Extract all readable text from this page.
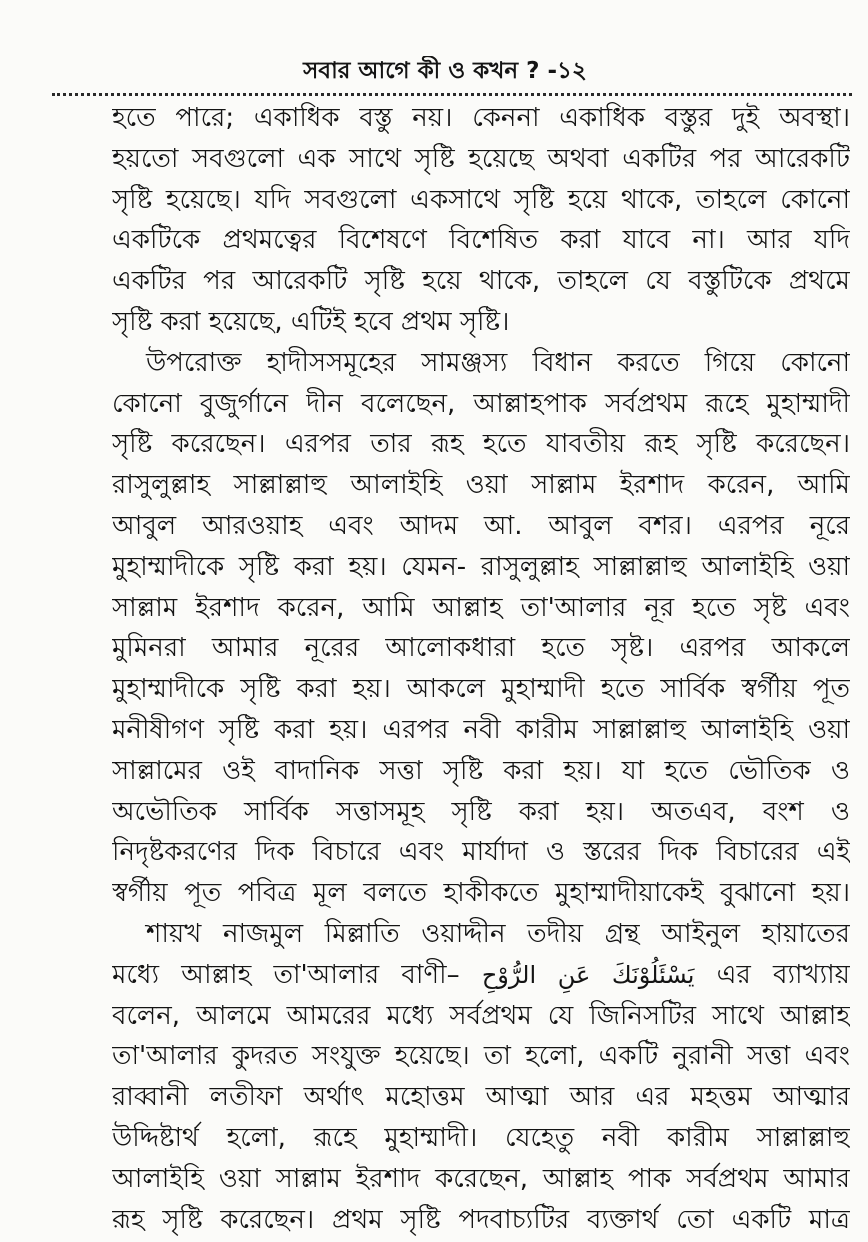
সবার আগে কী ও কখন ? -১২
হতে পারে; একাধিক বস্তু নয়। কেননা একাধিক বস্তুর দুই অবস্থা।
হয়তো সবগুলো এক সাথে সৃষ্টি হয়েছে অথবা একটির পর আরেকটি
সৃষ্টি হয়েছে। যদি সবগুলো একসাথে সৃষ্টি হয়ে থাকে, তাহলে কোনো
একটিকে প্রথমত্বের বিশেষণে বিশেষিত করা যাবে না। আর যদি
একটির পর আরেকটি সৃষ্টি হয়ে থাকে, তাহলে যে বস্তুটিকে প্রথমে
সৃষ্টি করা হয়েছে, এটিই হবে প্রথম সৃষ্টি।
উপরোক্ত হাদীসসমূহের সামঞ্জস্য বিধান করতে গিয়ে কোনো
কোনো বুজুর্গানে দীন বলেছেন, আল্লাহপাক সর্বপ্রথম রূহে মুহাম্মাদী
সৃষ্টি করেছেন। এরপর তার রূহ হতে যাবতীয় রূহ সৃষ্টি করেছেন।
রাসুলুল্লাহ সাল্লাল্লাহু আলাইহি ওয়া সাল্লাম ইরশাদ করেন, আমি
আবুল আরওয়াহ এবং আদম আ. আবুল বশর। এরপর নূরে
মুহাম্মাদীকে সৃষ্টি করা হয়। যেমন- রাসুলুল্লাহ সাল্লাল্লাহু আলাইহি ওয়া
সাল্লাম ইরশাদ করেন, আমি আল্লাহ তা'আলার নূর হতে সৃষ্ট এবং
মুমিনরা আমার নূরের আলোকধারা হতে সৃষ্ট। এরপর আকলে
মুহাম্মাদীকে সৃষ্টি করা হয়। আকলে মুহাম্মাদী হতে সার্বিক স্বর্গীয় পূত
মনীষীগণ সৃষ্টি করা হয়। এরপর নবী কারীম সাল্লাল্লাহু আলাইহি ওয়া
সাল্লামের ওই বাদানিক সত্তা সৃষ্টি করা হয়। যা হতে ভৌতিক ও
অভৌতিক সার্বিক সত্তাসমূহ সৃষ্টি করা হয়। অতএব, বংশ ও
নিদৃষ্টকরণের দিক বিচারে এবং মার্যাদা ও স্তরের দিক বিচারের এই
স্বর্গীয় পূত পবিত্র মূল বলতে হাকীকতে মুহাম্মাদীয়াকেই বুঝানো হয়।
শায়খ নাজমুল মিল্লাতি ওয়াদ্দীন তদীয় গ্রন্থ আইনুল হায়াতের
মধ্যে আল্লাহ তা'আলার বাণী– يَسْئَلُوْنَكَ عَنِ الرُّوْحِ এর ব্যাখ্যায়
বলেন, আলমে আমরের মধ্যে সর্বপ্রথম যে জিনিসটির সাথে আল্লাহ
তা'আলার কুদরত সংযুক্ত হয়েছে। তা হলো, একটি নুরানী সত্তা এবং
রাব্বানী লতীফা অর্থাৎ মহোত্তম আত্মা আর এর মহত্তম আত্মার
উদ্দিষ্টার্থ হলো, রূহে মুহাম্মাদী। যেহেতু নবী কারীম সাল্লাল্লাহু
আলাইহি ওয়া সাল্লাম ইরশাদ করেছেন, আল্লাহ পাক সর্বপ্রথম আমার
রূহ সৃষ্টি করেছেন। প্রথম সৃষ্টি পদবাচ্যটির ব্যক্তার্থ তো একটি মাত্র
